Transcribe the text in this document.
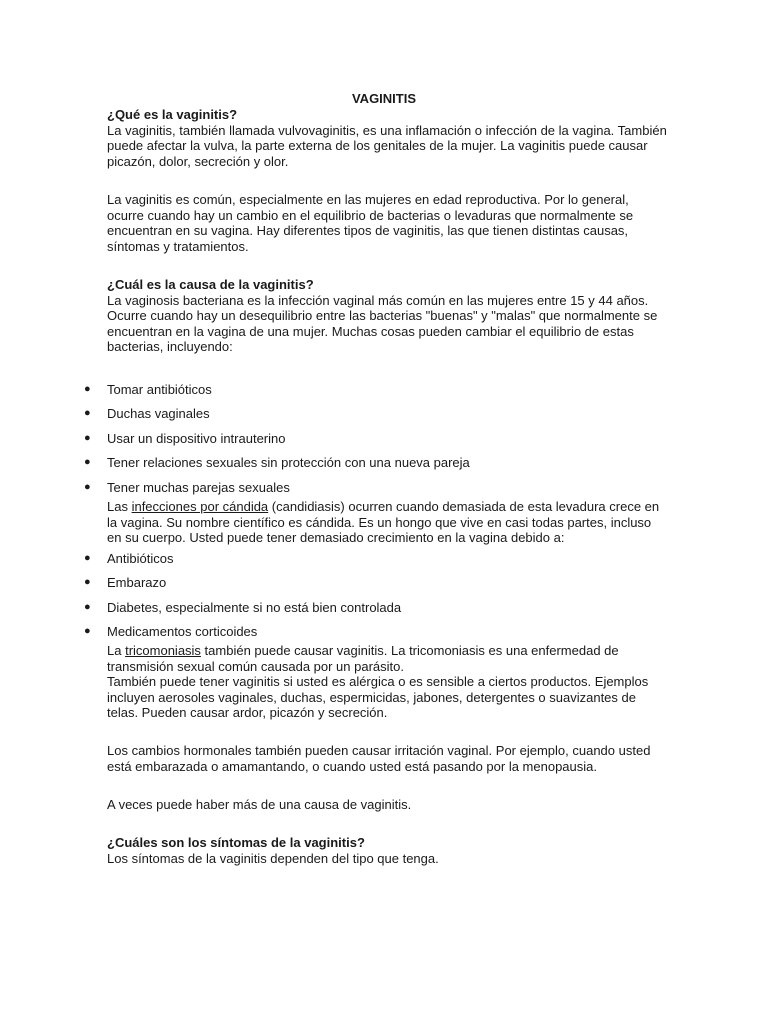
VAGINITIS
¿Qué es la vaginitis?

La vaginitis, también llamada vulvovaginitis, es una inflamación o infección de la vagina. También puede afectar la vulva, la parte externa de los genitales de la mujer. La vaginitis puede causar picazón, dolor, secreción y olor.

La vaginitis es común, especialmente en las mujeres en edad reproductiva. Por lo general, ocurre cuando hay un cambio en el equilibrio de bacterias o levaduras que normalmente se encuentran en su vagina. Hay diferentes tipos de vaginitis, las que tienen distintas causas, síntomas y tratamientos.

¿Cuál es la causa de la vaginitis?

La vaginosis bacteriana es la infección vaginal más común en las mujeres entre 15 y 44 años. Ocurre cuando hay un desequilibrio entre las bacterias "buenas" y "malas" que normalmente se encuentran en la vagina de una mujer. Muchas cosas pueden cambiar el equilibrio de estas bacterias, incluyendo:

● Tomar antibióticos
● Duchas vaginales
● Usar un dispositivo intrauterino
● Tener relaciones sexuales sin protección con una nueva pareja
● Tener muchas parejas sexuales

Las infecciones por cándida (candidiasis) ocurren cuando demasiada de esta levadura crece en la vagina. Su nombre científico es cándida. Es un hongo que vive en casi todas partes, incluso en su cuerpo. Usted puede tener demasiado crecimiento en la vagina debido a:

● Antibióticos
● Embarazo
● Diabetes, especialmente si no está bien controlada
● Medicamentos corticoides

La tricomoniasis también puede causar vaginitis. La tricomoniasis es una enfermedad de transmisión sexual común causada por un parásito.

También puede tener vaginitis si usted es alérgica o es sensible a ciertos productos. Ejemplos incluyen aerosoles vaginales, duchas, espermicidas, jabones, detergentes o suavizantes de telas. Pueden causar ardor, picazón y secreción.

Los cambios hormonales también pueden causar irritación vaginal. Por ejemplo, cuando usted está embarazada o amamantando, o cuando usted está pasando por la menopausia.

A veces puede haber más de una causa de vaginitis.

¿Cuáles son los síntomas de la vaginitis?

Los síntomas de la vaginitis dependen del tipo que tenga.
